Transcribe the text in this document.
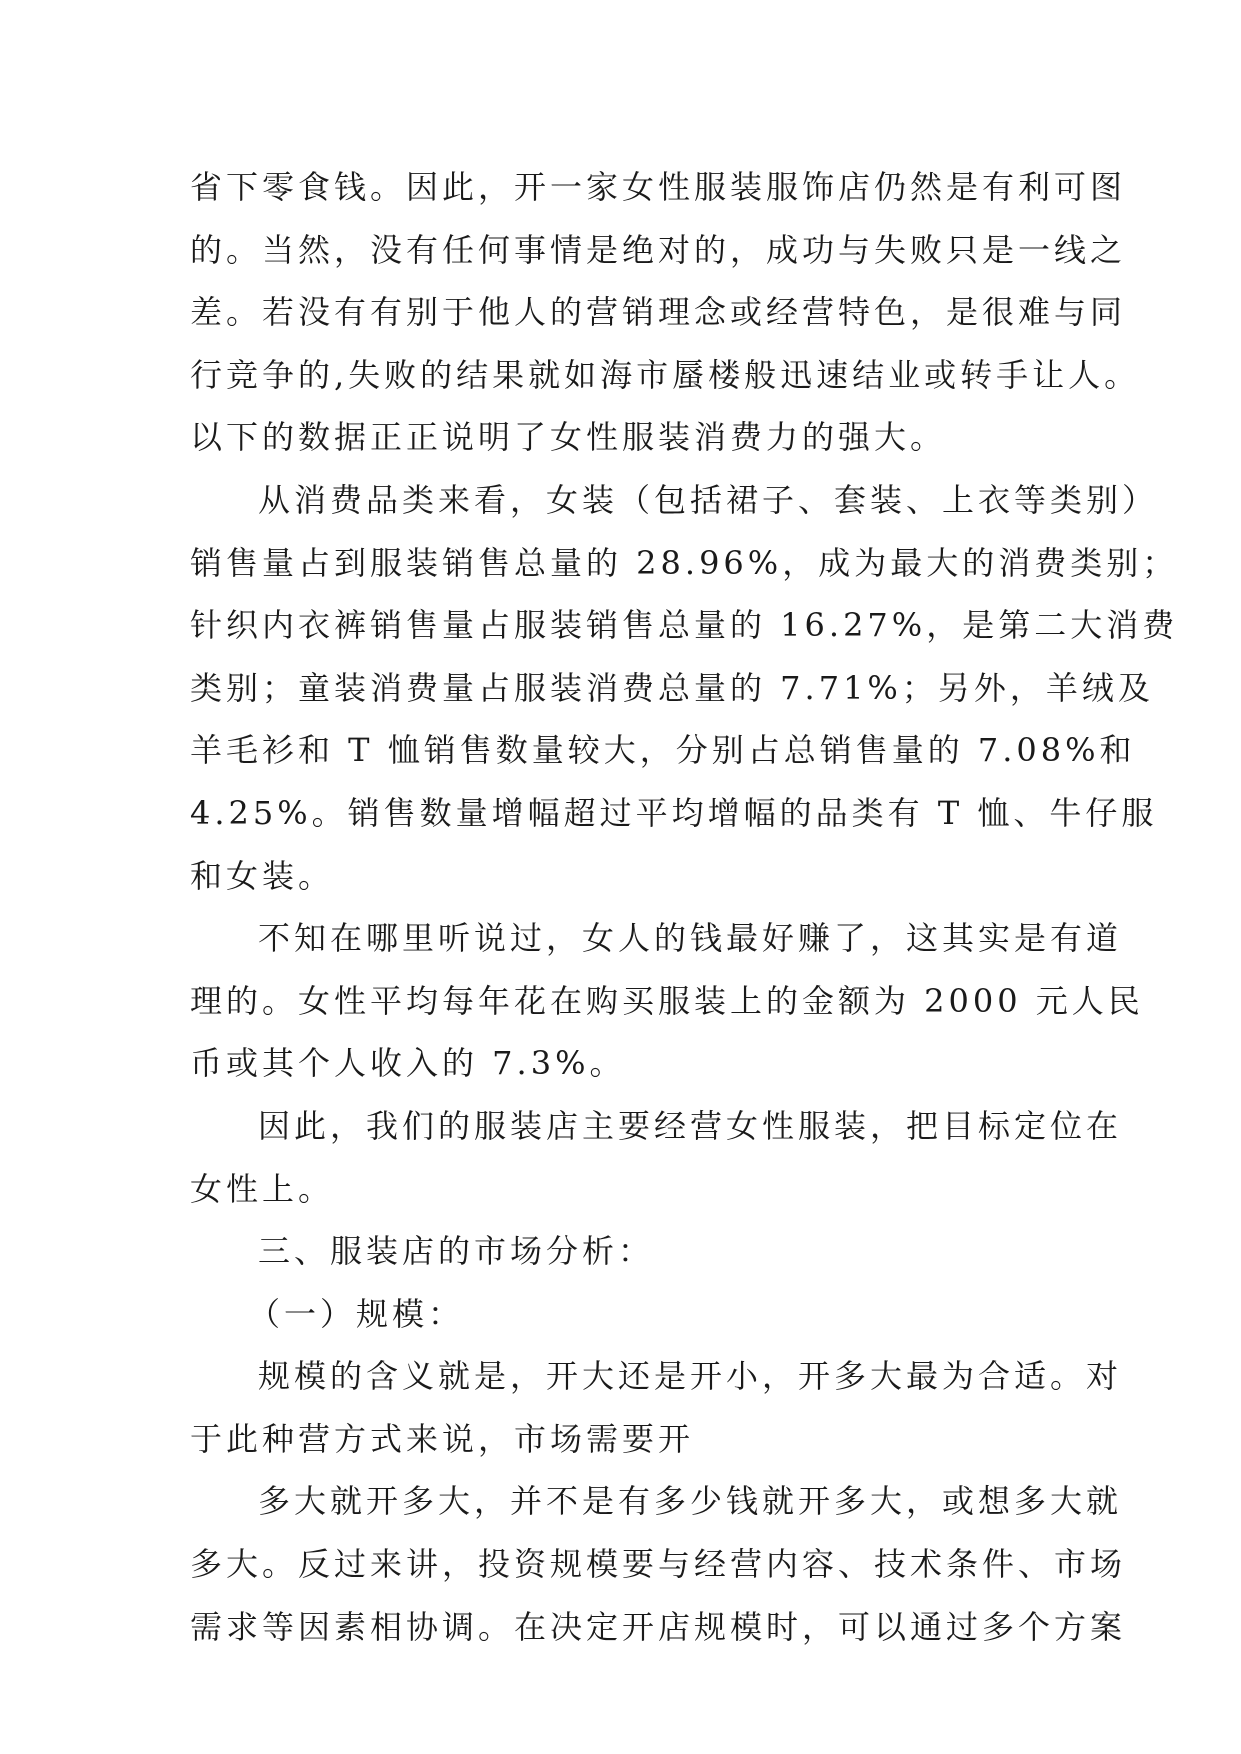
省下零食钱。因此，开一家女性服装服饰店仍然是有利可图
的。当然，没有任何事情是绝对的，成功与失败只是一线之
差。若没有有别于他人的营销理念或经营特色，是很难与同
行竞争的,失败的结果就如海市蜃楼般迅速结业或转手让人。
以下的数据正正说明了女性服装消费力的强大。
从消费品类来看，女装（包括裙子、套装、上衣等类别）
销售量占到服装销售总量的 28.96%，成为最大的消费类别；
针织内衣裤销售量占服装销售总量的 16.27%，是第二大消费
类别；童装消费量占服装消费总量的 7.71%；另外，羊绒及
羊毛衫和 T 恤销售数量较大，分别占总销售量的 7.08%和
4.25%。销售数量增幅超过平均增幅的品类有 T 恤、牛仔服
和女装。
不知在哪里听说过，女人的钱最好赚了，这其实是有道
理的。女性平均每年花在购买服装上的金额为 2000 元人民
币或其个人收入的 7.3%。
因此，我们的服装店主要经营女性服装，把目标定位在
女性上。
三、服装店的市场分析：
（一）规模：
规模的含义就是，开大还是开小，开多大最为合适。对
于此种营方式来说，市场需要开
多大就开多大，并不是有多少钱就开多大，或想多大就
多大。反过来讲，投资规模要与经营内容、技术条件、市场
需求等因素相协调。在决定开店规模时，可以通过多个方案
